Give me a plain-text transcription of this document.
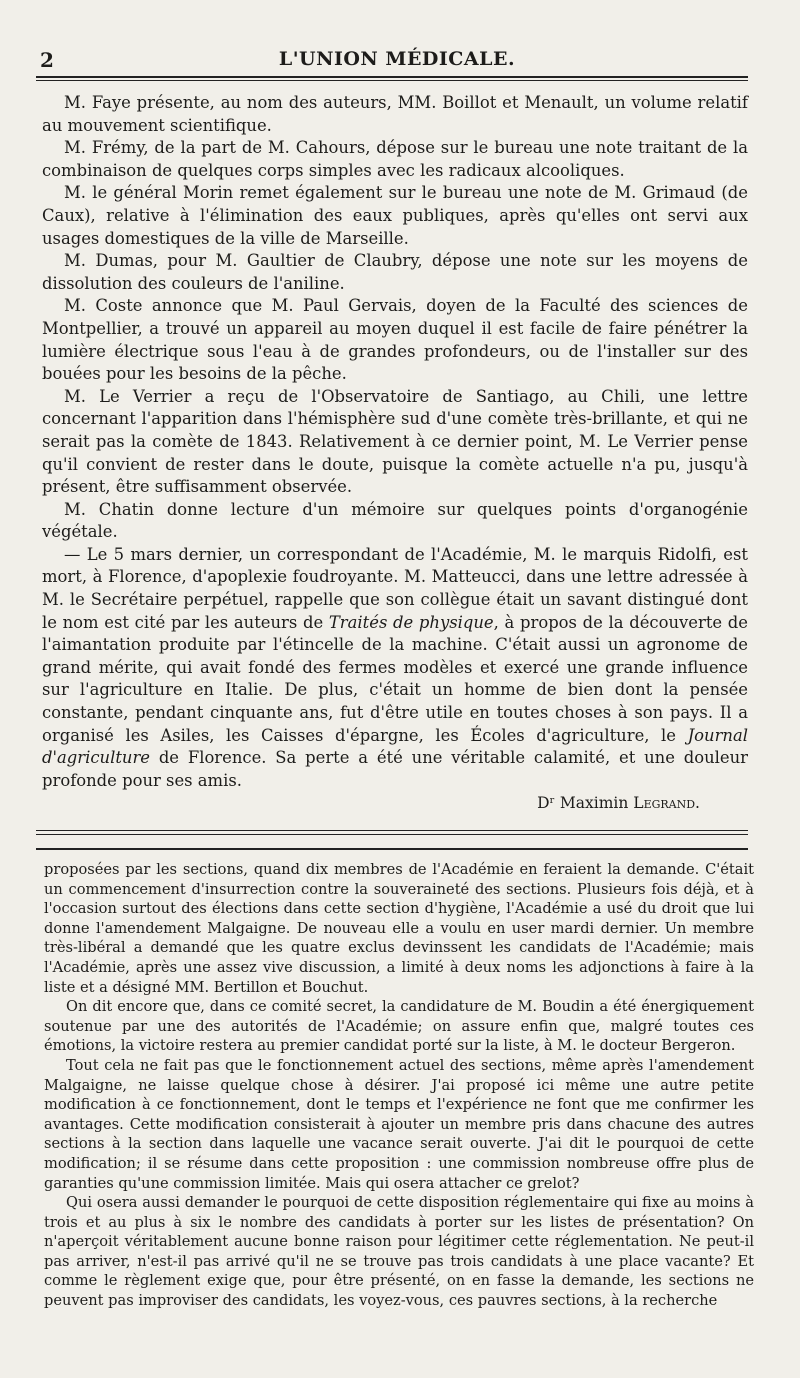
2	L'UNION MÉDICALE.

M. Faye présente, au nom des auteurs, MM. Boillot et Menault, un volume relatif au mouvement scientifique.

M. Frémy, de la part de M. Cahours, dépose sur le bureau une note traitant de la combinaison de quelques corps simples avec les radicaux alcooliques.

M. le général Morin remet également sur le bureau une note de M. Grimaud (de Caux), relative à l'élimination des eaux publiques, après qu'elles ont servi aux usages domestiques de la ville de Marseille.

M. Dumas, pour M. Gaultier de Claubry, dépose une note sur les moyens de dissolution des couleurs de l'aniline.

M. Coste annonce que M. Paul Gervais, doyen de la Faculté des sciences de Montpellier, a trouvé un appareil au moyen duquel il est facile de faire pénétrer la lumière électrique sous l'eau à de grandes profondeurs, ou de l'installer sur des bouées pour les besoins de la pêche.

M. Le Verrier a reçu de l'Observatoire de Santiago, au Chili, une lettre concernant l'apparition dans l'hémisphère sud d'une comète très-brillante, et qui ne serait pas la comète de 1843. Relativement à ce dernier point, M. Le Verrier pense qu'il convient de rester dans le doute, puisque la comète actuelle n'a pu, jusqu'à présent, être suffisamment observée.

M. Chatin donne lecture d'un mémoire sur quelques points d'organogénie végétale.

— Le 5 mars dernier, un correspondant de l'Académie, M. le marquis Ridolfi, est mort, à Florence, d'apoplexie foudroyante. M. Matteucci, dans une lettre adressée à M. le Secrétaire perpétuel, rappelle que son collègue était un savant distingué dont le nom est cité par les auteurs de Traités de physique, à propos de la découverte de l'aimantation produite par l'étincelle de la machine. C'était aussi un agronome de grand mérite, qui avait fondé des fermes modèles et exercé une grande influence sur l'agriculture en Italie. De plus, c'était un homme de bien dont la pensée constante, pendant cinquante ans, fut d'être utile en toutes choses à son pays. Il a organisé les Asiles, les Caisses d'épargne, les Écoles d'agriculture, le Journal d'agriculture de Florence. Sa perte a été une véritable calamité, et une douleur profonde pour ses amis.

Dʳ Maximin Legrand.

proposées par les sections, quand dix membres de l'Académie en feraient la demande. C'était un commencement d'insurrection contre la souveraineté des sections. Plusieurs fois déjà, et à l'occasion surtout des élections dans cette section d'hygiène, l'Académie a usé du droit que lui donne l'amendement Malgaigne. De nouveau elle a voulu en user mardi dernier. Un membre très-libéral a demandé que les quatre exclus devinssent les candidats de l'Académie; mais l'Académie, après une assez vive discussion, a limité à deux noms les adjonctions à faire à la liste et a désigné MM. Bertillon et Bouchut.

On dit encore que, dans ce comité secret, la candidature de M. Boudin a été énergiquement soutenue par une des autorités de l'Académie; on assure enfin que, malgré toutes ces émotions, la victoire restera au premier candidat porté sur la liste, à M. le docteur Bergeron.

Tout cela ne fait pas que le fonctionnement actuel des sections, même après l'amendement Malgaigne, ne laisse quelque chose à désirer. J'ai proposé ici même une autre petite modification à ce fonctionnement, dont le temps et l'expérience ne font que me confirmer les avantages. Cette modification consisterait à ajouter un membre pris dans chacune des autres sections à la section dans laquelle une vacance serait ouverte. J'ai dit le pourquoi de cette modification; il se résume dans cette proposition : une commission nombreuse offre plus de garanties qu'une commission limitée. Mais qui osera attacher ce grelot?

Qui osera aussi demander le pourquoi de cette disposition réglementaire qui fixe au moins à trois et au plus à six le nombre des candidats à porter sur les listes de présentation? On n'aperçoit véritablement aucune bonne raison pour légitimer cette réglementation. Ne peut-il pas arriver, n'est-il pas arrivé qu'il ne se trouve pas trois candidats à une place vacante? Et comme le règlement exige que, pour être présenté, on en fasse la demande, les sections ne peuvent pas improviser des candidats, les voyez-vous, ces pauvres sections, à la recherche
